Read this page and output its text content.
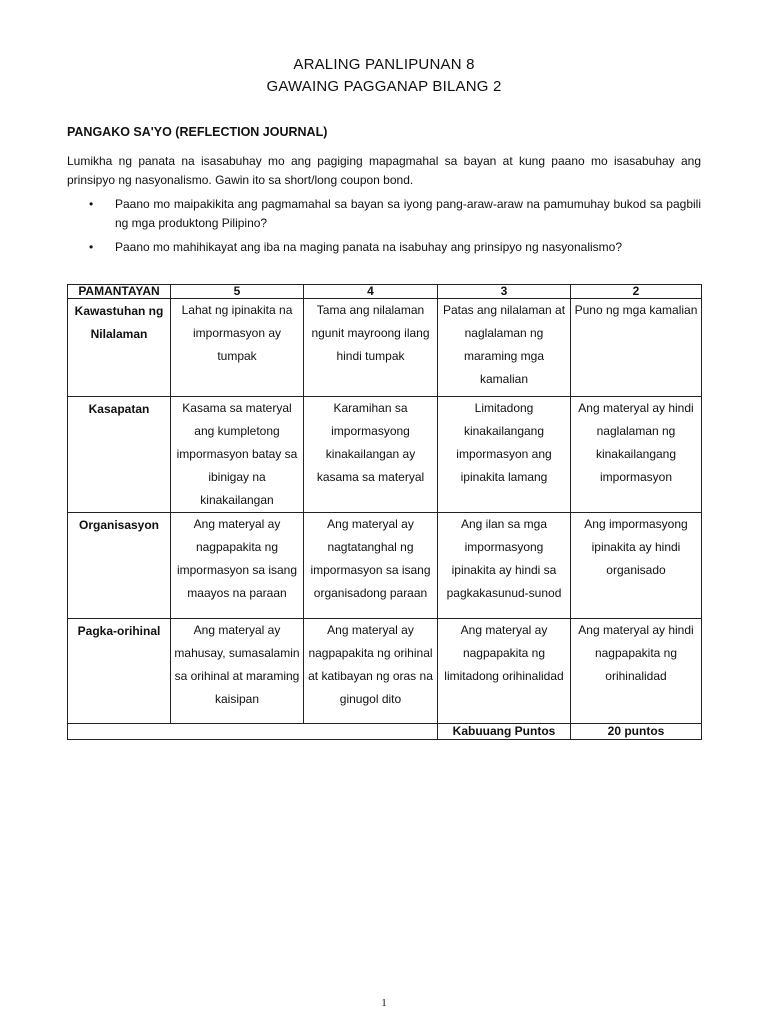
ARALING PANLIPUNAN 8
GAWAING PAGGANAP BILANG 2
PANGAKO SA'YO (REFLECTION JOURNAL)
Lumikha ng panata na isasabuhay mo ang pagiging mapagmahal sa bayan at kung paano mo isasabuhay ang prinsipyo ng nasyonalismo. Gawin ito sa short/long coupon bond.
• Paano mo maipakikita ang pagmamahal sa bayan sa iyong pang-araw-araw na pamumuhay bukod sa pagbili ng mga produktong Pilipino?
• Paano mo mahihikayat ang iba na maging panata na isabuhay ang prinsipyo ng nasyonalismo?
PAMANTAYAN	5	4	3	2
Kawastuhan ng Nilalaman	Lahat ng ipinakita na impormasyon ay tumpak	Tama ang nilalaman ngunit mayroong ilang hindi tumpak	Patas ang nilalaman at naglalaman ng maraming mga kamalian	Puno ng mga kamalian
Kasapatan	Kasama sa materyal ang kumpletong impormasyon batay sa ibinigay na kinakailangan	Karamihan sa impormasyong kinakailangan ay kasama sa materyal	Limitadong kinakailangang impormasyon ang ipinakita lamang	Ang materyal ay hindi naglalaman ng kinakailangang impormasyon
Organisasyon	Ang materyal ay nagpapakita ng impormasyon sa isang maayos na paraan	Ang materyal ay nagtatanghal ng impormasyon sa isang organisadong paraan	Ang ilan sa mga impormasyong ipinakita ay hindi sa pagkakasunud-sunod	Ang impormasyong ipinakita ay hindi organisado
Pagka-orihinal	Ang materyal ay mahusay, sumasalamin sa orihinal at maraming kaisipan	Ang materyal ay nagpapakita ng orihinal at katibayan ng oras na ginugol dito	Ang materyal ay nagpapakita ng limitadong orihinalidad	Ang materyal ay hindi nagpapakita ng orihinalidad
			Kabuuang Puntos	20 puntos
1
